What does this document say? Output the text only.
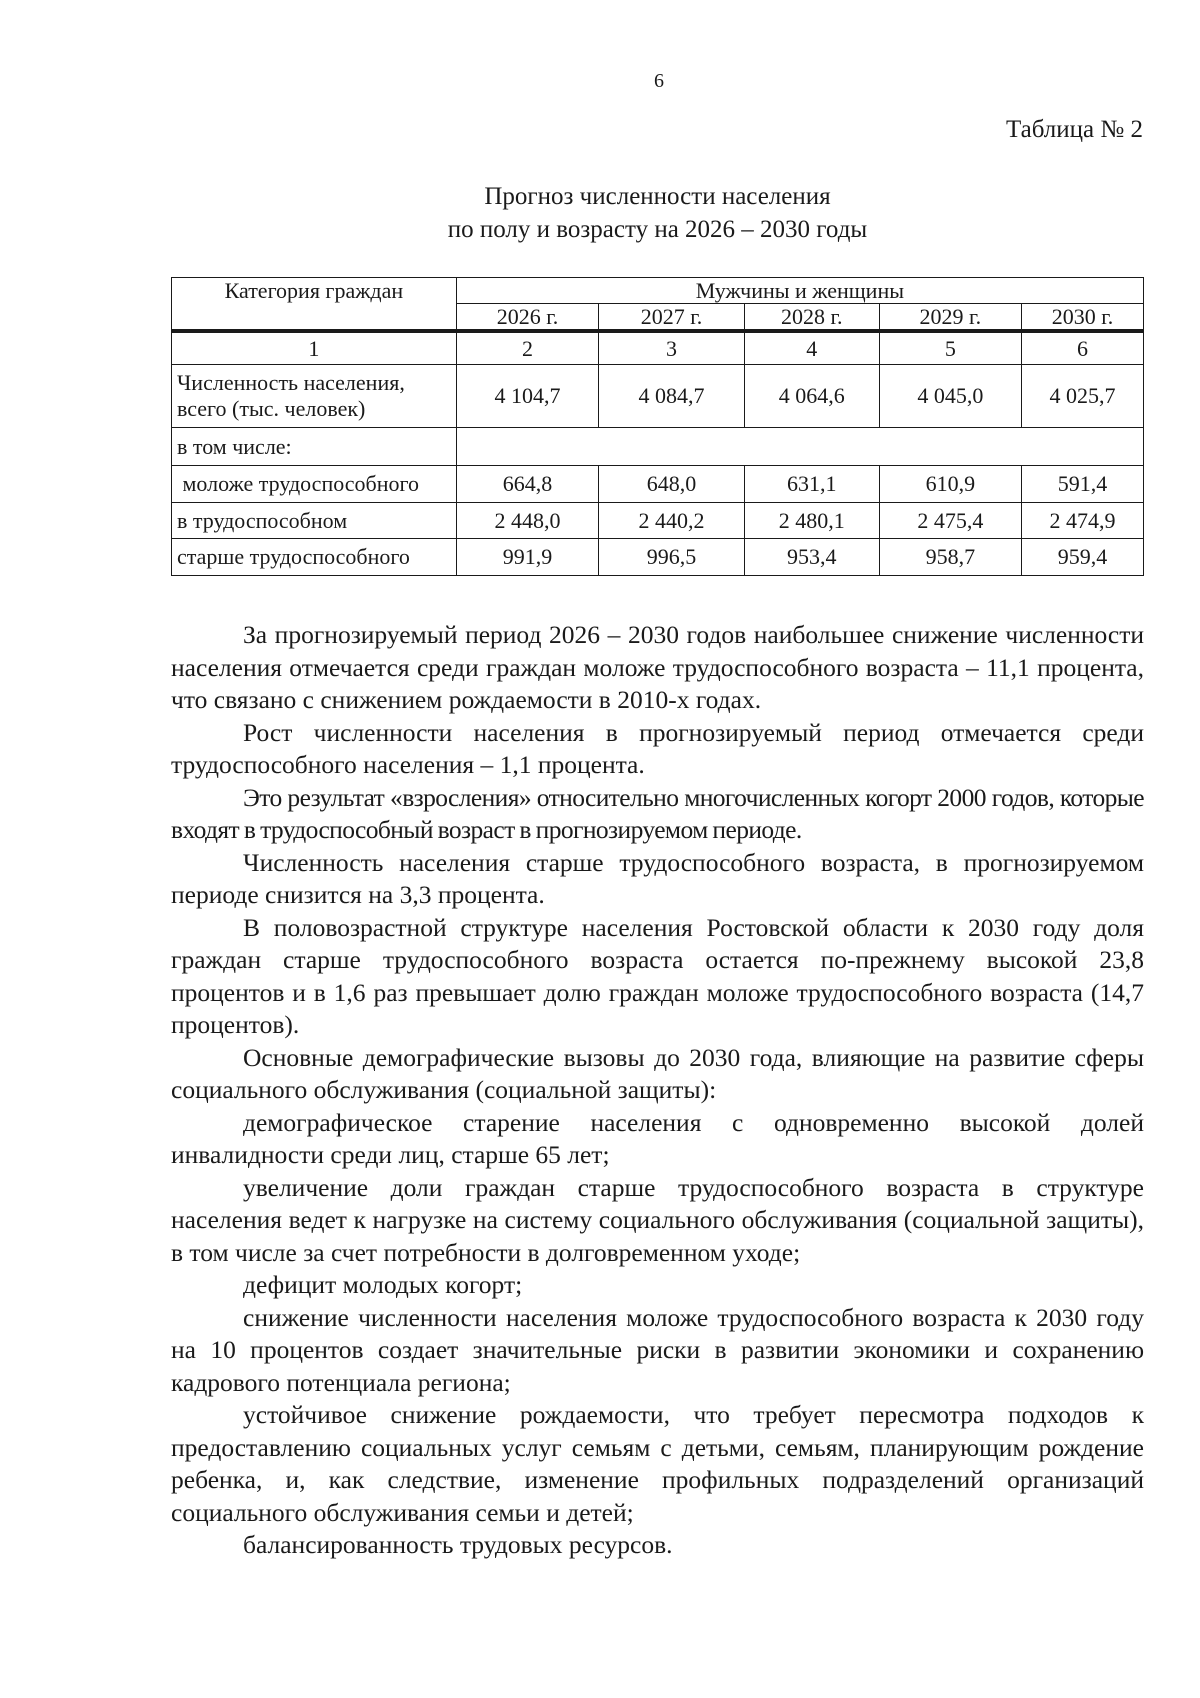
6
Таблица № 2
Прогноз численности населения
по полу и возрасту на 2026 – 2030 годы
Категория граждан	Мужчины и женщины				
	2026 г.	2027 г.	2028 г.	2029 г.	2030 г.
1	2	3	4	5	6
Численность населения,
всего (тыс. человек)	4 104,7	4 084,7	4 064,6	4 045,0	4 025,7
в том числе:					
моложе трудоспособного	664,8	648,0	631,1	610,9	591,4
в трудоспособном	2 448,0	2 440,2	2 480,1	2 475,4	2 474,9
старше трудоспособного	991,9	996,5	953,4	958,7	959,4

За прогнозируемый период 2026 – 2030 годов наибольшее снижение численности населения отмечается среди граждан моложе трудоспособного возраста – 11,1 процента, что связано с снижением рождаемости в 2010-х годах.

Рост численности населения в прогнозируемый период отмечается среди трудоспособного населения – 1,1 процента.

Это результат «взросления» относительно многочисленных когорт 2000 годов, которые входят в трудоспособный возраст в прогнозируемом периоде.

Численность населения старше трудоспособного возраста, в прогнозируемом периоде снизится на 3,3 процента.

В половозрастной структуре населения Ростовской области к 2030 году доля граждан старше трудоспособного возраста остается по-прежнему высокой 23,8 процентов и в 1,6 раз превышает долю граждан моложе трудоспособного возраста (14,7 процентов).

Основные демографические вызовы до 2030 года, влияющие на развитие сферы социального обслуживания (социальной защиты):

демографическое старение населения с одновременно высокой долей инвалидности среди лиц, старше 65 лет;

увеличение доли граждан старше трудоспособного возраста в структуре населения ведет к нагрузке на систему социального обслуживания (социальной защиты), в том числе за счет потребности в долговременном уходе;

дефицит молодых когорт;

снижение численности населения моложе трудоспособного возраста к 2030 году на 10 процентов создает значительные риски в развитии экономики и сохранению кадрового потенциала региона;

устойчивое снижение рождаемости, что требует пересмотра подходов к предоставлению социальных услуг семьям с детьми, семьям, планирующим рождение ребенка, и, как следствие, изменение профильных подразделений организаций социального обслуживания семьи и детей;

балансированность трудовых ресурсов.
